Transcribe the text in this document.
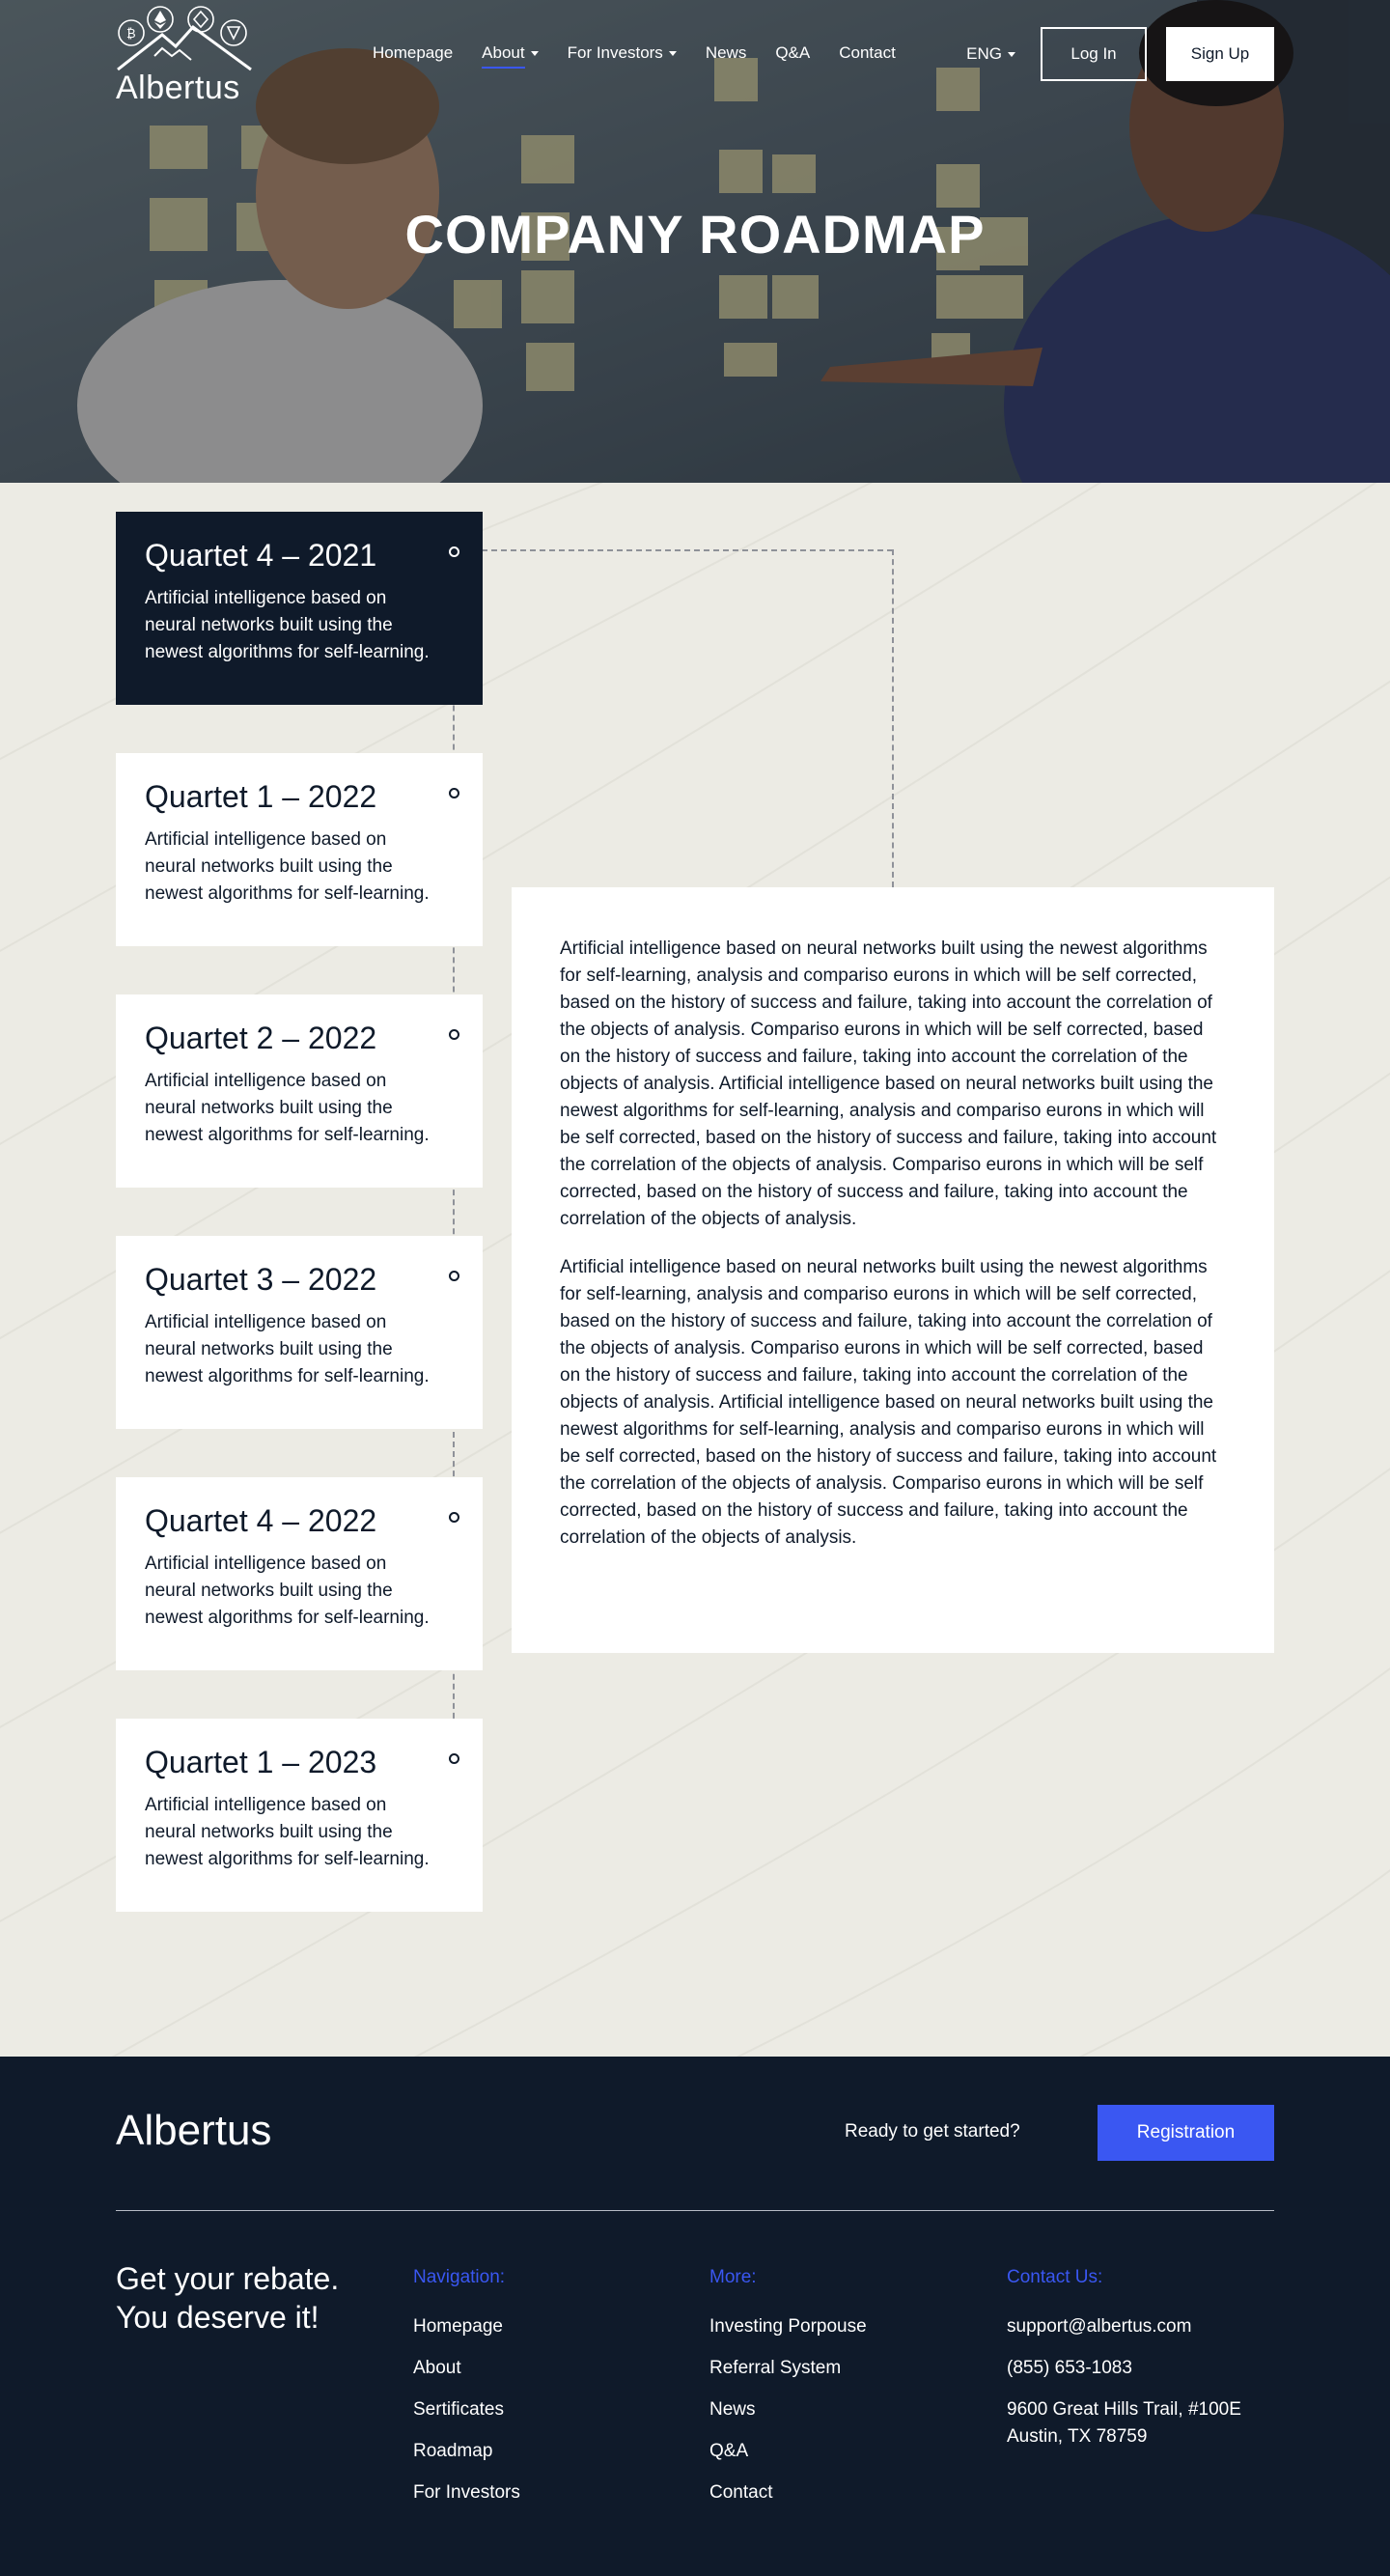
₿
Albertus
Homepage About	For Investors	News Q&A Contact	ENG	Log In	Sign Up
COMPANY ROADMAP
Quartet 4 – 2021
Artificial intelligence based on neural networks built using the newest algorithms for self-learning.
Quartet 1 – 2022
Artificial intelligence based on neural networks built using the newest algorithms for self-learning.
Quartet 2 – 2022
Artificial intelligence based on neural networks built using the newest algorithms for self-learning.
Quartet 3 – 2022
Artificial intelligence based on neural networks built using the newest algorithms for self-learning.
Quartet 4 – 2022
Artificial intelligence based on neural networks built using the newest algorithms for self-learning.
Quartet 1 – 2023
Artificial intelligence based on neural networks built using the newest algorithms for self-learning.

Artificial intelligence based on neural networks built using the newest algorithms for self-learning, analysis and compariso eurons in which will be self corrected, based on the history of success and failure, taking into account the correlation of the objects of analysis. Compariso eurons in which will be self corrected, based on the history of success and failure, taking into account the correlation of the objects of analysis. Artificial intelligence based on neural networks built using the newest algorithms for self-learning, analysis and compariso eurons in which will be self corrected, based on the history of success and failure, taking into account the correlation of the objects of analysis. Compariso eurons in which will be self corrected, based on the history of success and failure, taking into account the correlation of the objects of analysis.

Artificial intelligence based on neural networks built using the newest algorithms for self-learning, analysis and compariso eurons in which will be self corrected, based on the history of success and failure, taking into account the correlation of the objects of analysis. Compariso eurons in which will be self corrected, based on the history of success and failure, taking into account the correlation of the objects of analysis. Artificial intelligence based on neural networks built using the newest algorithms for self-learning, analysis and compariso eurons in which will be self corrected, based on the history of success and failure, taking into account the correlation of the objects of analysis. Compariso eurons in which will be self corrected, based on the history of success and failure, taking into account the correlation of the objects of analysis.

Albertus	Ready to get started?	Registration
Get your rebate. You deserve it!
Navigation:
Homepage
About
Sertificates
Roadmap
For Investors
More:
Investing Porpouse
Referral System
News
Q&A
Contact
Contact Us:
support@albertus.com
(855) 653-1083
9600 Great Hills Trail, #100E Austin, TX 78759
